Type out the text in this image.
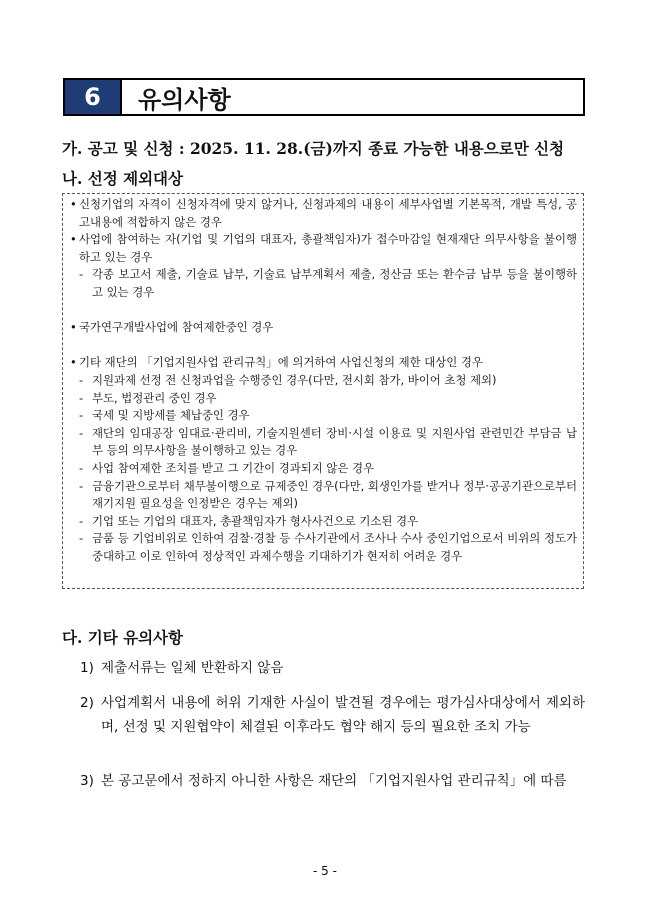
6	유의사항
가. 공고 및 신청 : 2025. 11. 28.(금)까지 종료 가능한 내용으로만 신청
나. 선정 제외대상
• 신청기업의 자격이 신청자격에 맞지 않거나, 신청과제의 내용이 세부사업별 기본목적, 개발 특성, 공고내용에 적합하지 않은 경우
• 사업에 참여하는 자(기업 및 기업의 대표자, 총괄책임자)가 접수마감일 현재재단 의무사항을 불이행하고 있는 경우
- 각종 보고서 제출, 기술료 납부, 기술료 납부계획서 제출, 정산금 또는 환수금 납부 등을 불이행하고 있는 경우
• 국가연구개발사업에 참여제한중인 경우
• 기타 재단의 「기업지원사업 관리규칙」에 의거하여 사업신청의 제한 대상인 경우
- 지원과제 선정 전 신청과업을 수행중인 경우(다만, 전시회 참가, 바이어 초청 제외)
- 부도, 법정관리 중인 경우
- 국세 및 지방세를 체납중인 경우
- 재단의 임대공장 임대료·관리비, 기술지원센터 장비·시설 이용료 및 지원사업 관련민간 부담금 납부 등의 의무사항을 불이행하고 있는 경우
- 사업 참여제한 조치를 받고 그 기간이 경과되지 않은 경우
- 금융기관으로부터 채무불이행으로 규제중인 경우(다만, 회생인가를 받거나 정부·공공기관으로부터 재기지원 필요성을 인정받은 경우는 제외)
- 기업 또는 기업의 대표자, 총괄책임자가 형사사건으로 기소된 경우
- 금품 등 기업비위로 인하여 검찰·경찰 등 수사기관에서 조사나 수사 중인기업으로서 비위의 정도가 중대하고 이로 인하여 정상적인 과제수행을 기대하기가 현저히 어려운 경우
다. 기타 유의사항
1) 제출서류는 일체 반환하지 않음
2) 사업계획서 내용에 허위 기재한 사실이 발견될 경우에는 평가심사대상에서 제외하며, 선정 및 지원협약이 체결된 이후라도 협약 해지 등의 필요한 조치 가능
3) 본 공고문에서 정하지 아니한 사항은 재단의 「기업지원사업 관리규칙」에 따름
- 5 -
